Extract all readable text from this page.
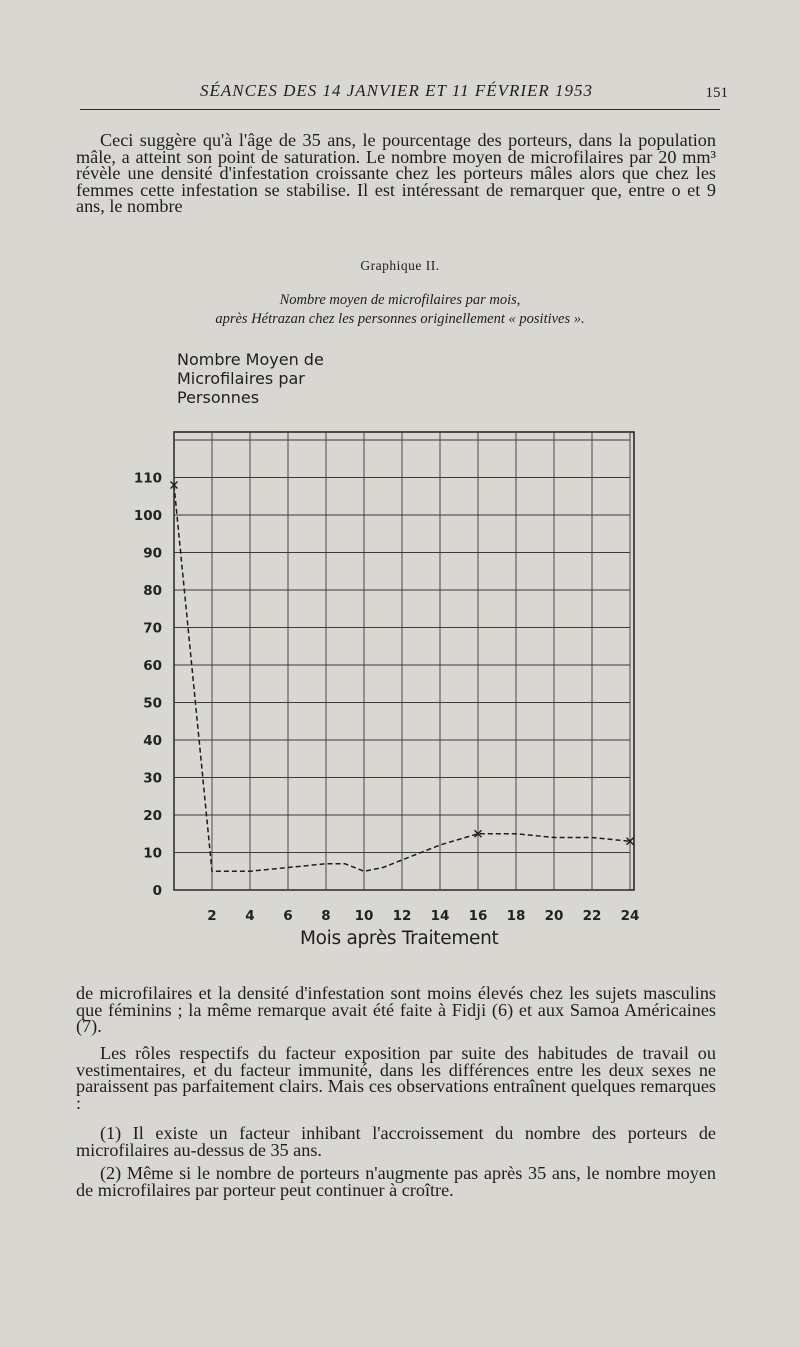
SÉANCES DES 14 JANVIER ET 11 FÉVRIER 1953	151

Ceci suggère qu'à l'âge de 35 ans, le pourcentage des porteurs, dans la population mâle, a atteint son point de saturation. Le nombre moyen de microfilaires par 20 mm³ révèle une densité d'infestation croissante chez les porteurs mâles alors que chez les femmes cette infestation se stabilise. Il est intéressant de remarquer que, entre o et 9 ans, le nombre

Graphique II.
Nombre moyen de microfilaires par mois,
après Hétrazan chez les personnes originellement « positives ».
Nombre Moyen de Microfilaires par Personnes
2 4 6 8 10 12 14 16 18 20 22 24
0
10
20
30
40
50
60
70
80
90
100
110
Mois après Traitement

de microfilaires et la densité d'infestation sont moins élevés chez les sujets masculins que féminins ; la même remarque avait été faite à Fidji (6) et aux Samoa Américaines (7).

Les rôles respectifs du facteur exposition par suite des habitudes de travail ou vestimentaires, et du facteur immunité, dans les différences entre les deux sexes ne paraissent pas parfaitement clairs. Mais ces observations entraînent quelques remarques :

(1) Il existe un facteur inhibant l'accroissement du nombre des porteurs de microfilaires au-dessus de 35 ans.

(2) Même si le nombre de porteurs n'augmente pas après 35 ans, le nombre moyen de microfilaires par porteur peut continuer à croître.
